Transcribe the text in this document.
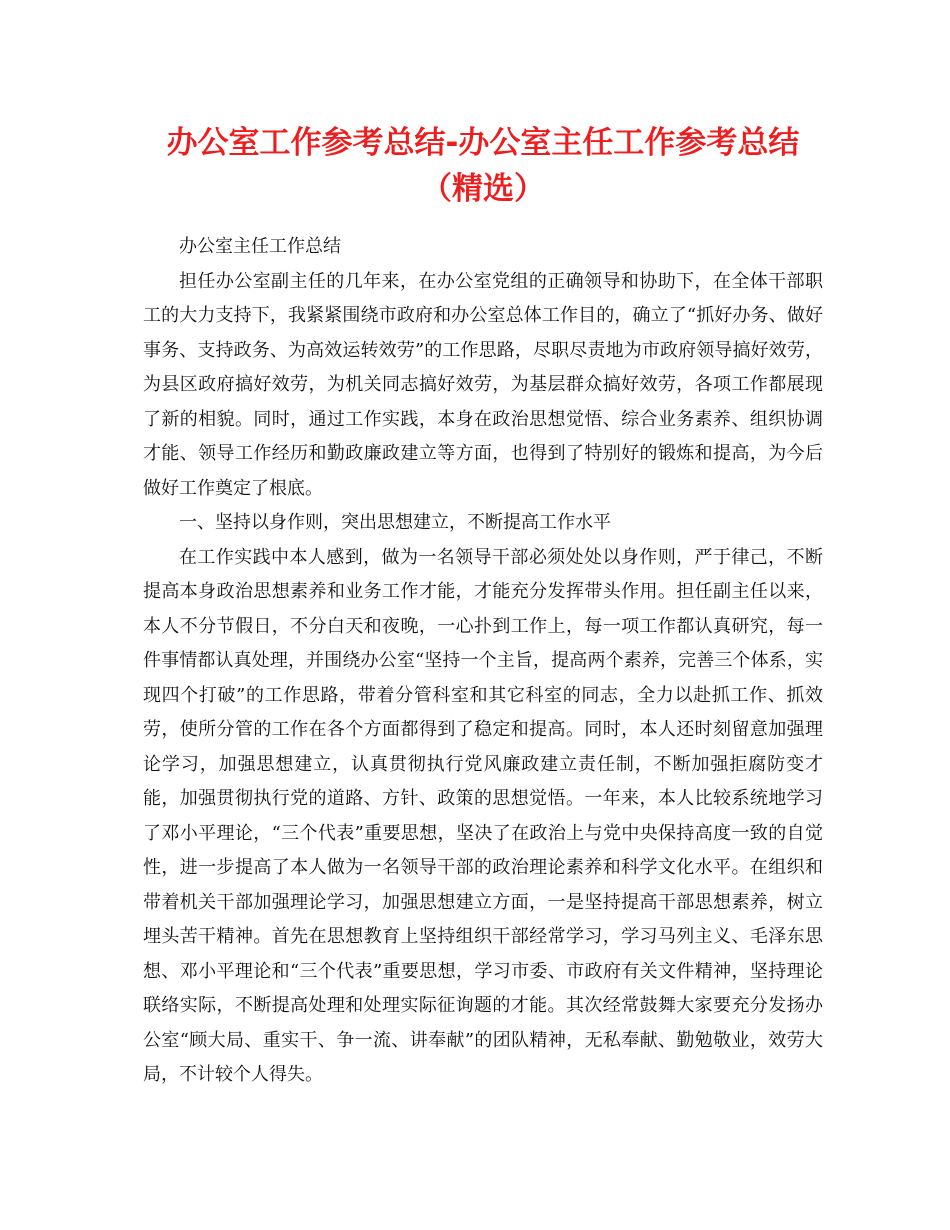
办公室工作参考总结-办公室主任工作参考总结（精选）

办公室主任工作总结

担任办公室副主任的几年来，在办公室党组的正确领导和协助下，在全体干部职工的大力支持下，我紧紧围绕市政府和办公室总体工作目的，确立了“抓好办务、做好事务、支持政务、为高效运转效劳”的工作思路，尽职尽责地为市政府领导搞好效劳，为县区政府搞好效劳，为机关同志搞好效劳，为基层群众搞好效劳，各项工作都展现了新的相貌。同时，通过工作实践，本身在政治思想觉悟、综合业务素养、组织协调才能、领导工作经历和勤政廉政建立等方面，也得到了特别好的锻炼和提高，为今后做好工作奠定了根底。

一、坚持以身作则，突出思想建立，不断提高工作水平

在工作实践中本人感到，做为一名领导干部必须处处以身作则，严于律己，不断提高本身政治思想素养和业务工作才能，才能充分发挥带头作用。担任副主任以来，本人不分节假日，不分白天和夜晚，一心扑到工作上，每一项工作都认真研究，每一件事情都认真处理，并围绕办公室“坚持一个主旨，提高两个素养，完善三个体系，实现四个打破”的工作思路，带着分管科室和其它科室的同志，全力以赴抓工作、抓效劳，使所分管的工作在各个方面都得到了稳定和提高。同时，本人还时刻留意加强理论学习，加强思想建立，认真贯彻执行党风廉政建立责任制，不断加强拒腐防变才能，加强贯彻执行党的道路、方针、政策的思想觉悟。一年来，本人比较系统地学习了邓小平理论，“三个代表”重要思想，坚决了在政治上与党中央保持高度一致的自觉性，进一步提高了本人做为一名领导干部的政治理论素养和科学文化水平。在组织和带着机关干部加强理论学习，加强思想建立方面，一是坚持提高干部思想素养，树立埋头苦干精神。首先在思想教育上坚持组织干部经常学习，学习马列主义、毛泽东思想、邓小平理论和“三个代表”重要思想，学习市委、市政府有关文件精神，坚持理论联络实际，不断提高处理和处理实际征询题的才能。其次经常鼓舞大家要充分发扬办公室“顾大局、重实干、争一流、讲奉献”的团队精神，无私奉献、勤勉敬业，效劳大局，不计较个人得失。
